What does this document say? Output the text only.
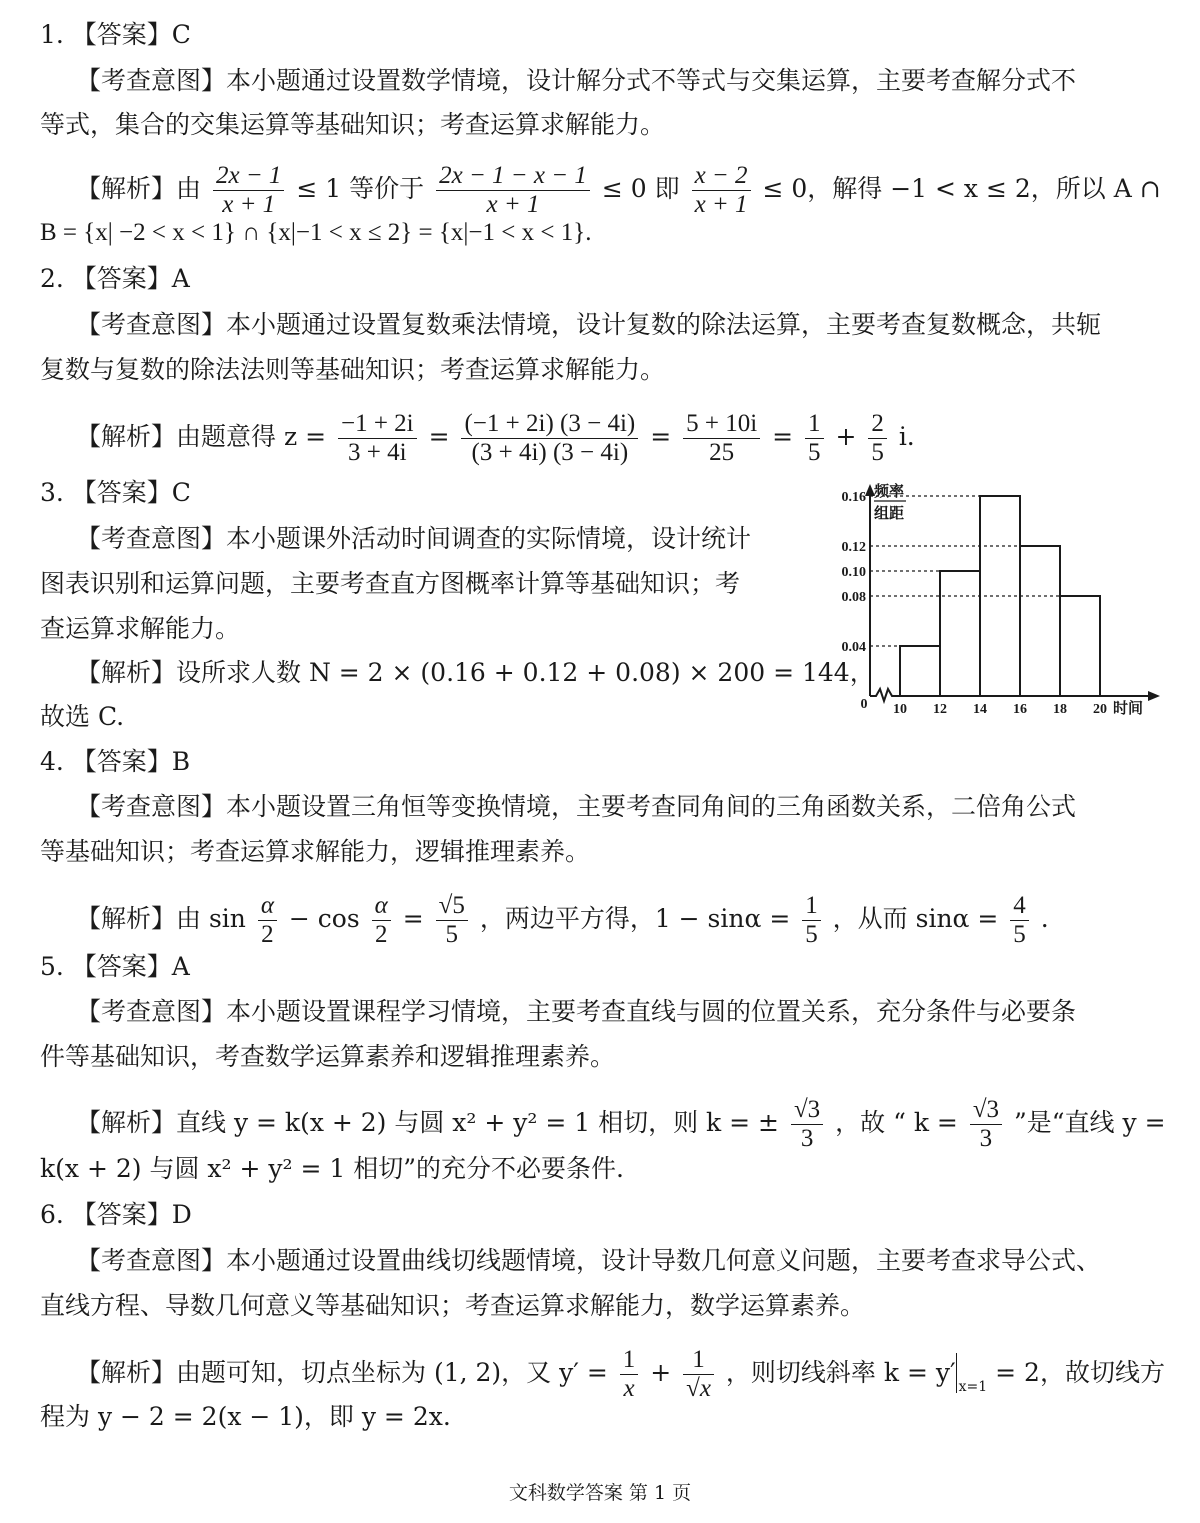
1. 【答案】C
【考查意图】本小题通过设置数学情境，设计解分式不等式与交集运算，主要考查解分式不
等式，集合的交集运算等基础知识；考查运算求解能力。
【解析】由 $\frac{2x - 1}{x + 1} \le 1$ 等价于 $\frac{2x - 1 - x - 1}{x + 1} \le 0$ 即 $\frac{x - 2}{x + 1} \le 0$，解得 −1 < x ≤ 2，所以 A ∩
B = {x| −2 < x < 1} ∩ {x|−1 < x ≤ 2} = {x|−1 < x < 1}.
2. 【答案】A
【考查意图】本小题通过设置复数乘法情境，设计复数的除法运算，主要考查复数概念，共轭
复数与复数的除法法则等基础知识；考查运算求解能力。
【解析】由题意得 $z = \frac{-1 + 2i}{3 + 4i} = \frac{(-1 + 2i) (3 - 4i)}{(3 + 4i) (3 - 4i)} = \frac{5 + 10i}{25} = \frac{1}{5} + \frac{2}{5} i$.
3. 【答案】C
【考查意图】本小题课外活动时间调查的实际情境，设计统计
图表识别和运算问题，主要考查直方图概率计算等基础知识；考
查运算求解能力。
【解析】设所求人数 N = 2 × (0.16 + 0.12 + 0.08) × 200 = 144，
故选 C.
频率
组距
0.04
0.08
0.10
0.12
0.16
0 10 12 14 16 18 20 时间
4. 【答案】B
【考查意图】本小题设置三角恒等变换情境，主要考查同角间的三角函数关系，二倍角公式
等基础知识；考查运算求解能力，逻辑推理素养。
【解析】由 $\sin \frac{\alpha}{2} - \cos \frac{\alpha}{2} = \frac{√5}{5}$ ，两边平方得，$1 - \sin\alpha = \frac{1}{5}$ ，从而 $\sin\alpha = \frac{4}{5}$ .
5. 【答案】A
【考查意图】本小题设置课程学习情境，主要考查直线与圆的位置关系，充分条件与必要条
件等基础知识，考查数学运算素养和逻辑推理素养。
【解析】直线 y = k(x + 2) 与圆 x² + y² = 1 相切，则 k = ± $\frac{√3}{3}$ ，故 “ $k = \frac{√3}{3}$ ”是“直线 y =
k(x + 2) 与圆 x² + y² = 1 相切”的充分不必要条件.
6. 【答案】D
【考查意图】本小题通过设置曲线切线题情境，设计导数几何意义问题，主要考查求导公式、
直线方程、导数几何意义等基础知识；考查运算求解能力，数学运算素养。
【解析】由题可知，切点坐标为 (1, 2)，又 $y' = \frac{1}{x} + \frac{1}{√x}$ ，则切线斜率 k = y′ $_{x=1}$ = 2，故切线方
程为 y − 2 = 2(x − 1)，即 y = 2x.
文科数学答案 第 1 页
